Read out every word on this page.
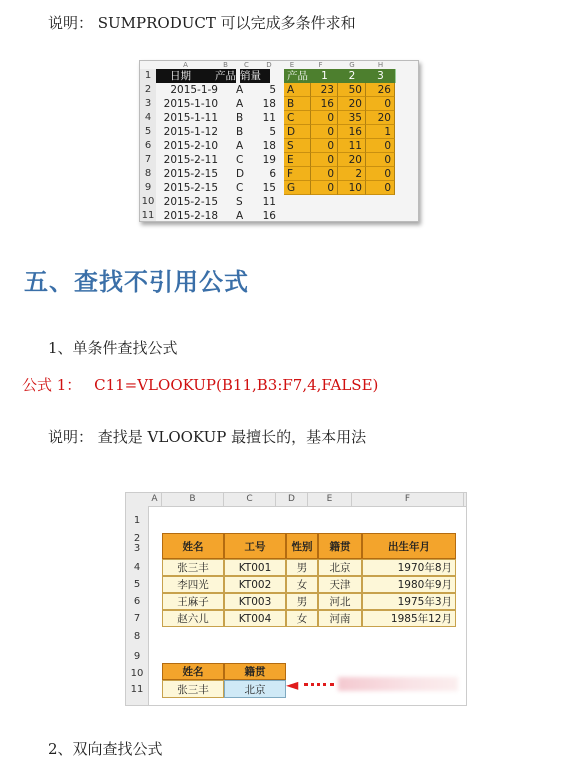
说明： SUMPRODUCT 可以完成多条件求和
A	B	C	D	E	F	G	H
1
2
3
4
5
6
7
8
9
10
11
日期	产品 销量
2015-1-9 A	5
2015-1-10 A	18
2015-1-11 B	11
2015-1-12 B	5
2015-2-10 A	18
2015-2-11 C	19
2015-2-15 D	6
2015-2-15 C	15
2015-2-15 S	11
2015-2-18 A	16
产品	1	2	3
A	23	50	26
B	16	20	0
C	0	35	20
D	0	16	1
S	0	11	0
E	0	20	0
F	0	2	0
G	0	10	0
五、查找不引用公式
1、单条件查找公式
公式 1： C11=VLOOKUP(B11,B3:F7,4,FALSE)
说明： 查找是 VLOOKUP 最擅长的，基本用法
A	B	C	D	E	F
1
2
3
4
5
6
7
8
9
10
11
姓名	工号	性别	籍贯	出生年月
张三丰	KT001	男	北京	1970年8月
李四光	KT002	女	天津	1980年9月
王麻子	KT003	男	河北	1975年3月
赵六儿	KT004	女	河南	1985年12月
姓名	籍贯
张三丰	北京	◄
2、双向查找公式
